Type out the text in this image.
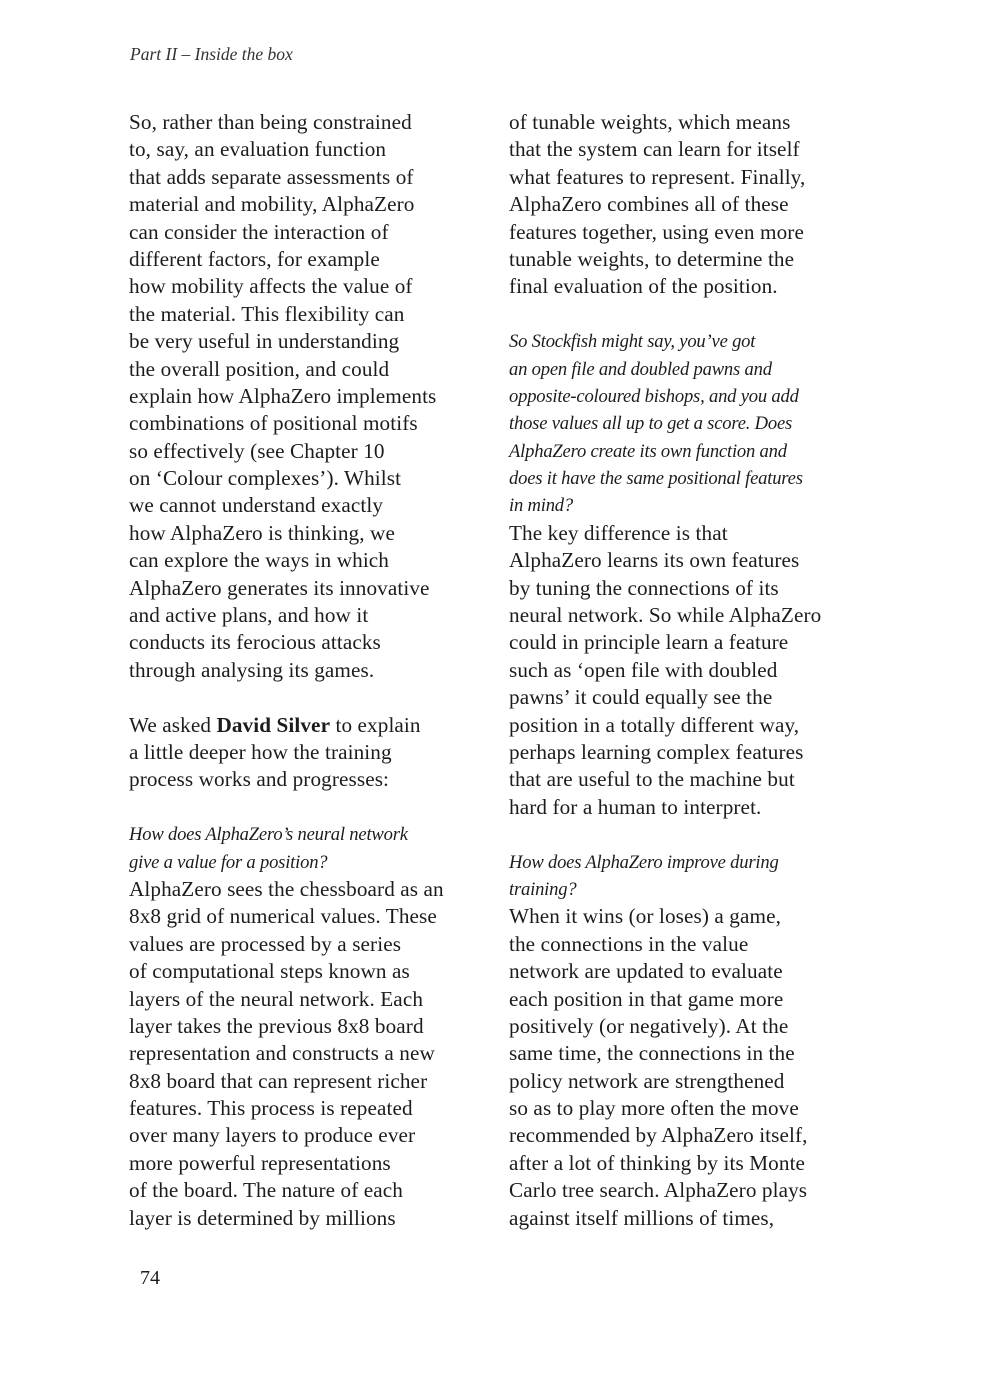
Part II – Inside the box
So, rather than being constrained
to, say, an evaluation function
that adds separate assessments of
material and mobility, AlphaZero
can consider the interaction of
different factors, for example
how mobility affects the value of
the material. This flexibility can
be very useful in understanding
the overall position, and could
explain how AlphaZero implements
combinations of positional motifs
so effectively (see Chapter 10
on ‘Colour complexes’). Whilst
we cannot understand exactly
how AlphaZero is thinking, we
can explore the ways in which
AlphaZero generates its innovative
and active plans, and how it
conducts its ferocious attacks
through analysing its games.
We asked David Silver to explain
a little deeper how the training
process works and progresses:
How does AlphaZero’s neural network
give a value for a position?
AlphaZero sees the chessboard as an
8x8 grid of numerical values. These
values are processed by a series
of computational steps known as
layers of the neural network. Each
layer takes the previous 8x8 board
representation and constructs a new
8x8 board that can represent richer
features. This process is repeated
over many layers to produce ever
more powerful representations
of the board. The nature of each
layer is determined by millions
of tunable weights, which means
that the system can learn for itself
what features to represent. Finally,
AlphaZero combines all of these
features together, using even more
tunable weights, to determine the
final evaluation of the position.
So Stockfish might say, you’ve got
an open file and doubled pawns and
opposite-coloured bishops, and you add
those values all up to get a score. Does
AlphaZero create its own function and
does it have the same positional features
in mind?
The key difference is that
AlphaZero learns its own features
by tuning the connections of its
neural network. So while AlphaZero
could in principle learn a feature
such as ‘open file with doubled
pawns’ it could equally see the
position in a totally different way,
perhaps learning complex features
that are useful to the machine but
hard for a human to interpret.
How does AlphaZero improve during
training?
When it wins (or loses) a game,
the connections in the value
network are updated to evaluate
each position in that game more
positively (or negatively). At the
same time, the connections in the
policy network are strengthened
so as to play more often the move
recommended by AlphaZero itself,
after a lot of thinking by its Monte
Carlo tree search. AlphaZero plays
against itself millions of times,
74
